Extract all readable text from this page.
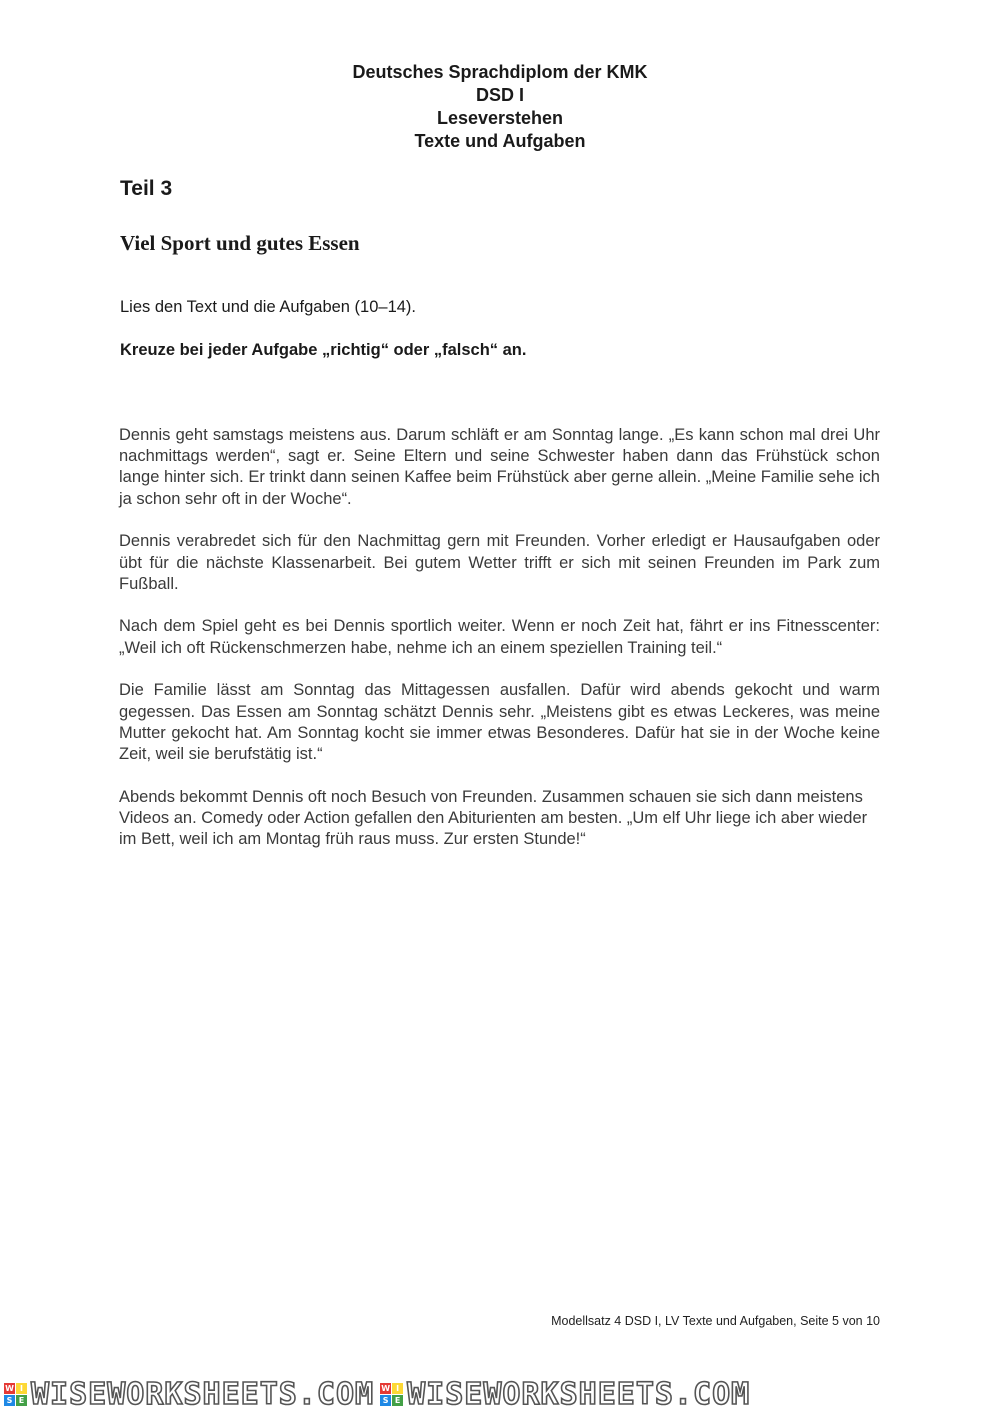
Deutsches Sprachdiplom der KMK
DSD I
Leseverstehen
Texte und Aufgaben
Teil 3
Viel Sport und gutes Essen
Lies den Text und die Aufgaben (10–14).
Kreuze bei jeder Aufgabe „richtig“ oder „falsch“ an.

Dennis geht samstags meistens aus. Darum schläft er am Sonntag lange. „Es kann schon mal drei Uhr nachmittags werden“, sagt er. Seine Eltern und seine Schwester haben dann das Frühstück schon lange hinter sich. Er trinkt dann seinen Kaffee beim Frühstück aber gerne allein. „Meine Familie sehe ich ja schon sehr oft in der Woche“.

Dennis verabredet sich für den Nachmittag gern mit Freunden. Vorher erledigt er Hausaufgaben oder übt für die nächste Klassenarbeit. Bei gutem Wetter trifft er sich mit seinen Freunden im Park zum Fußball.

Nach dem Spiel geht es bei Dennis sportlich weiter. Wenn er noch Zeit hat, fährt er ins Fitnesscenter: „Weil ich oft Rückenschmerzen habe, nehme ich an einem speziellen Training teil.“

Die Familie lässt am Sonntag das Mittagessen ausfallen. Dafür wird abends gekocht und warm gegessen. Das Essen am Sonntag schätzt Dennis sehr. „Meistens gibt es etwas Leckeres, was meine Mutter gekocht hat. Am Sonntag kocht sie immer etwas Besonderes. Dafür hat sie in der Woche keine Zeit, weil sie berufstätig ist.“

Abends bekommt Dennis oft noch Besuch von Freunden. Zusammen schauen sie sich dann meistens Videos an. Comedy oder Action gefallen den Abiturienten am besten. „Um elf Uhr liege ich aber wieder im Bett, weil ich am Montag früh raus muss. Zur ersten Stunde!“

Modellsatz 4 DSD I, LV Texte und Aufgaben, Seite 5 von 10
W I
S E WISEWORKSHEETS.COM W I
S E WISEWORKSHEETS.COM
